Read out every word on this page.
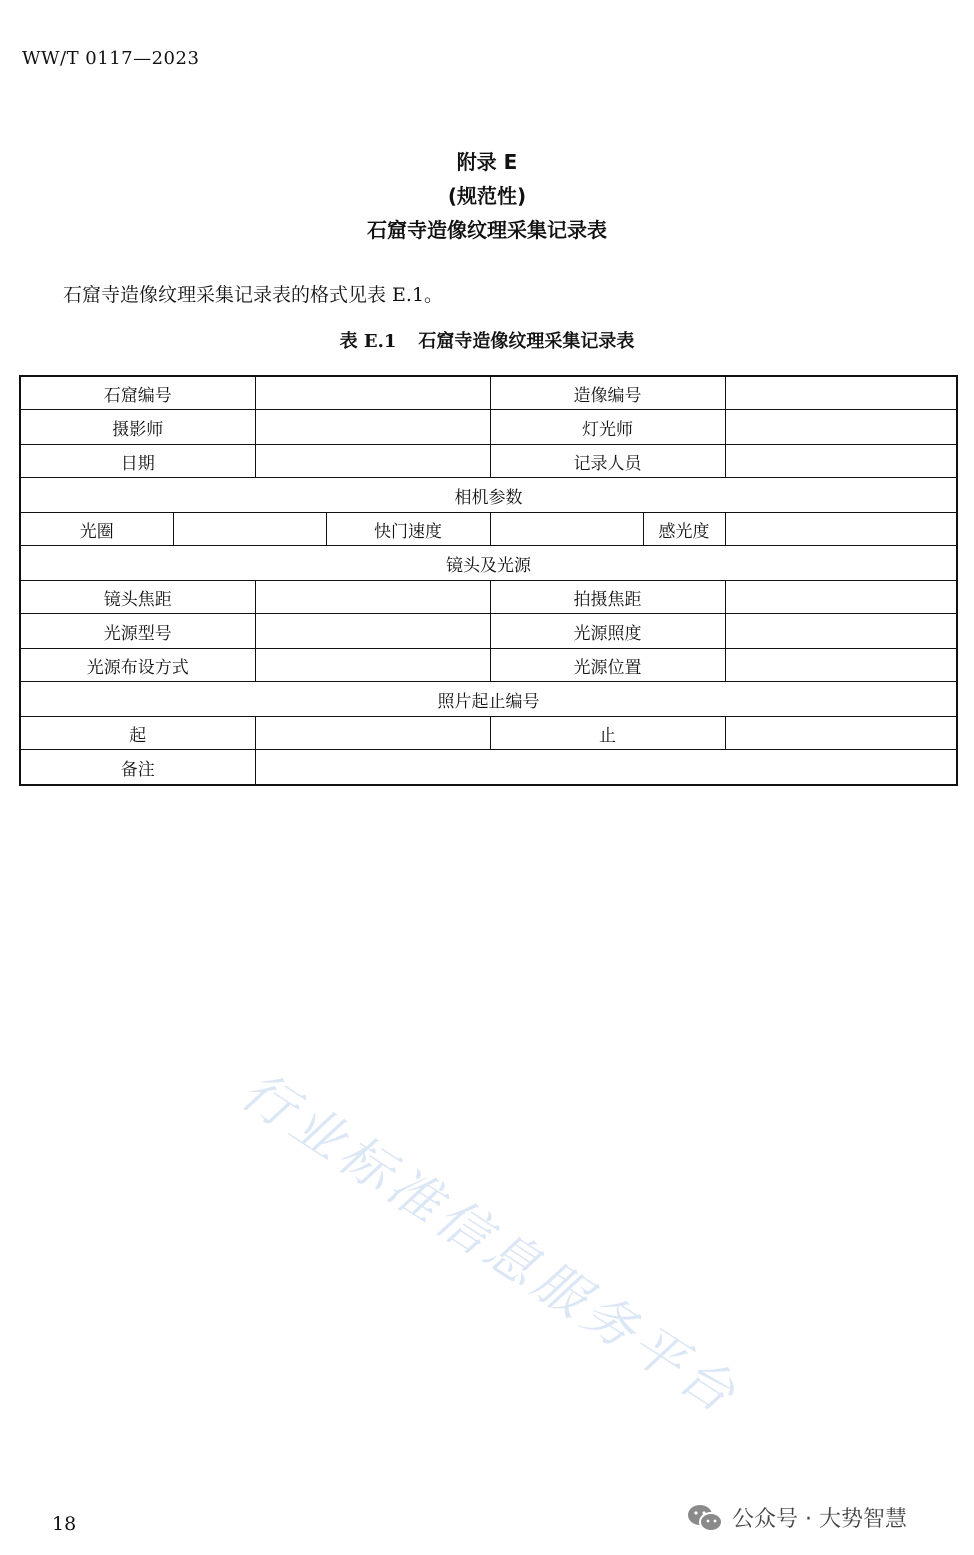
WW/T 0117—2023
附录 E
(规范性)
石窟寺造像纹理采集记录表
石窟寺造像纹理采集记录表的格式见表 E.1。
表 E.1 石窟寺造像纹理采集记录表
石窟编号				造像编号		
摄影师				灯光师		
日期				记录人员		
相机参数						
光圈			快门速度		感光度	
镜头及光源						
镜头焦距				拍摄焦距		
光源型号				光源照度		
光源布设方式				光源位置		
照片起止编号						
起				止		
备注						
行业标准信息服务平台
18	公众号 · 大势智慧
